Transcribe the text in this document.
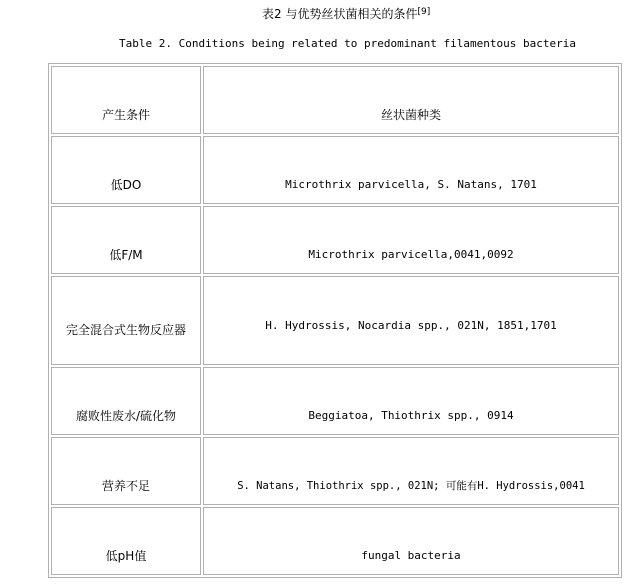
表2 与优势丝状菌相关的条件[9]
Table 2. Conditions being related to predominant filamentous bacteria
产生条件	丝状菌种类

低DO	Microthrix parvicella, S. Natans, 1701

低F/M	Microthrix parvicella,0041,0092

完全混合式生物反应器	H. Hydrossis, Nocardia spp., 021N, 1851,1701

腐败性废水/硫化物	Beggiatoa, Thiothrix spp., 0914

营养不足	S. Natans, Thiothrix spp., 021N; 可能有H. Hydrossis,0041

低pH值	fungal bacteria
